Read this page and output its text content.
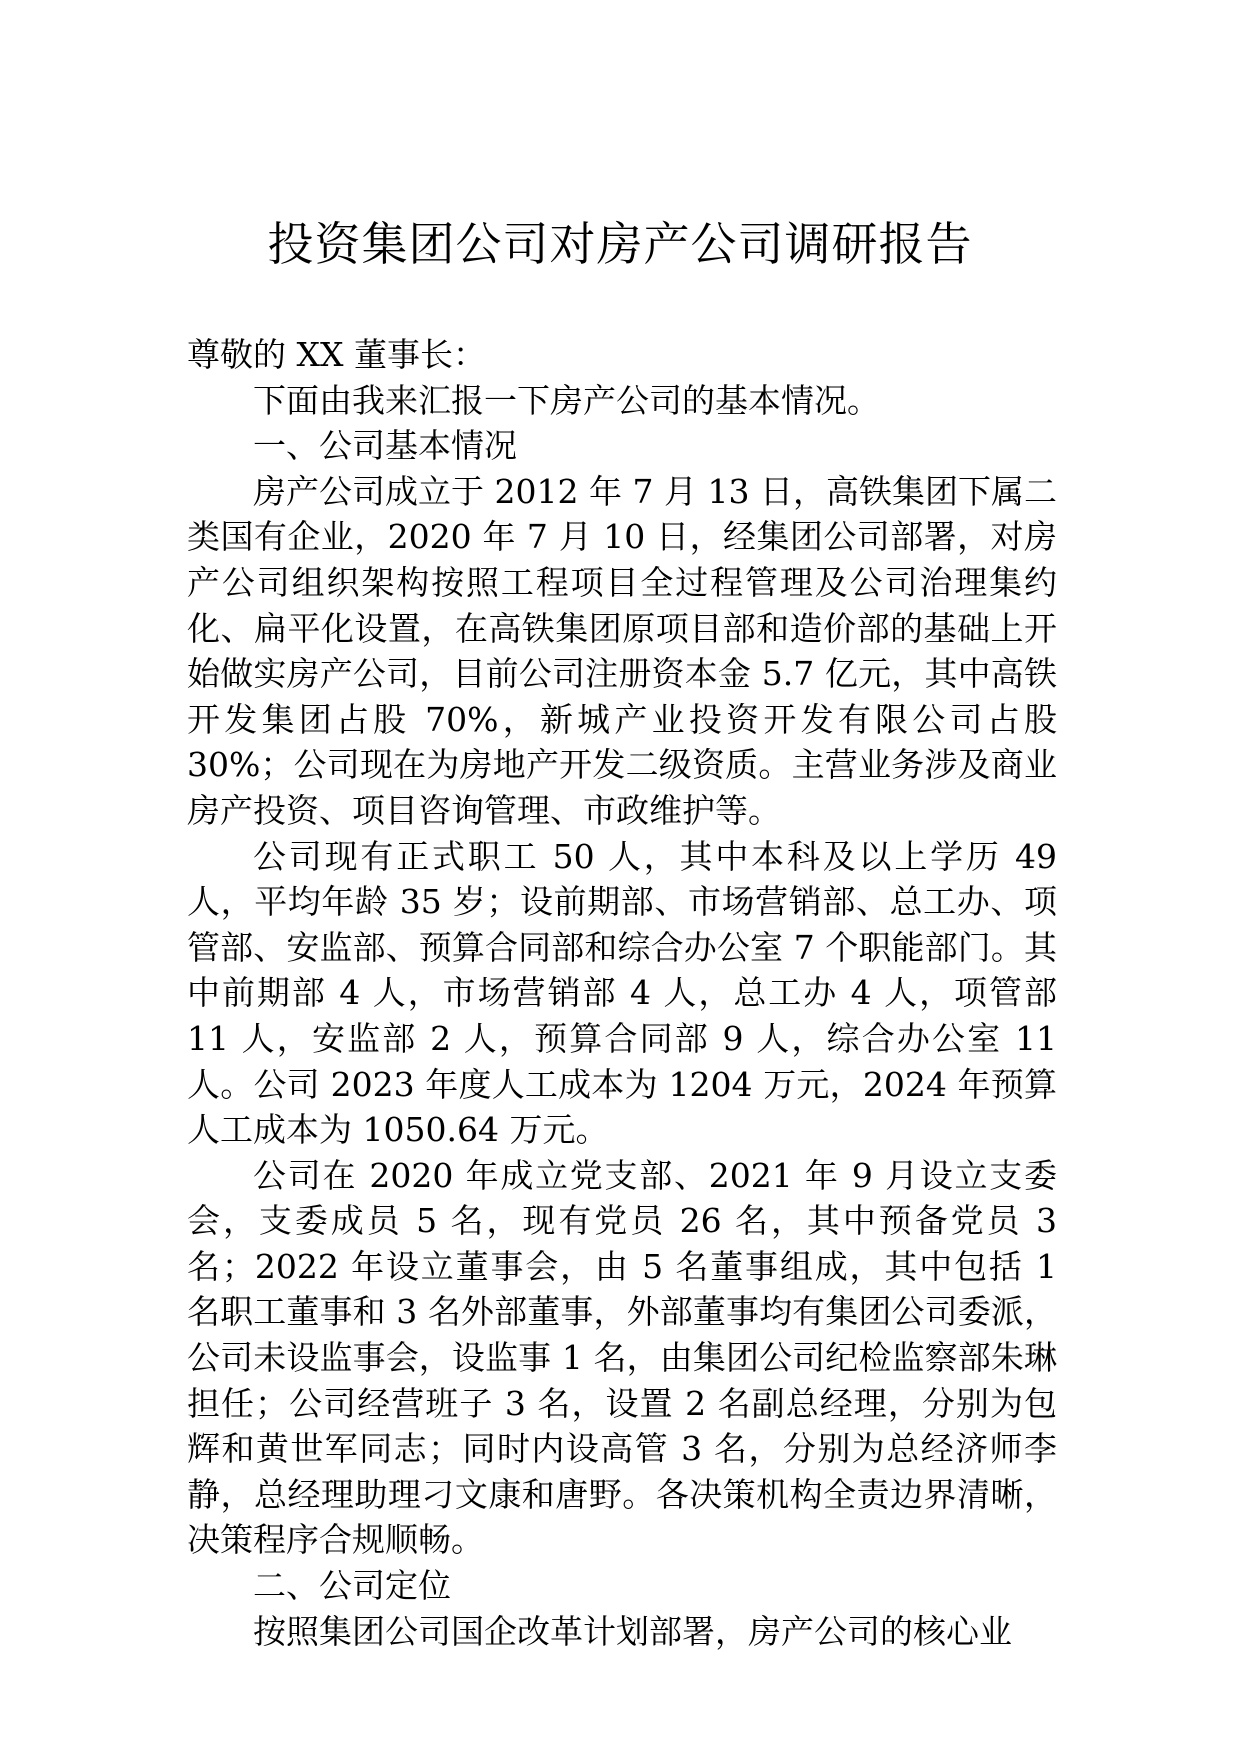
投资集团公司对房产公司调研报告

尊敬的 XX 董事长：

下面由我来汇报一下房产公司的基本情况。

一、公司基本情况

房产公司成立于 2012 年 7 月 13 日，高铁集团下属二类国有企业，2020 年 7 月 10 日，经集团公司部署，对房产公司组织架构按照工程项目全过程管理及公司治理集约化、扁平化设置，在高铁集团原项目部和造价部的基础上开始做实房产公司，目前公司注册资本金 5.7 亿元，其中高铁开发集团占股 70%，新城产业投资开发有限公司占股 30%；公司现在为房地产开发二级资质。主营业务涉及商业房产投资、项目咨询管理、市政维护等。

公司现有正式职工 50 人，其中本科及以上学历 49 人，平均年龄 35 岁；设前期部、市场营销部、总工办、项管部、安监部、预算合同部和综合办公室 7 个职能部门。其中前期部 4 人，市场营销部 4 人，总工办 4 人，项管部 11 人，安监部 2 人，预算合同部 9 人，综合办公室 11 人。公司 2023 年度人工成本为 1204 万元，2024 年预算人工成本为 1050.64 万元。

公司在 2020 年成立党支部、2021 年 9 月设立支委会，支委成员 5 名，现有党员 26 名，其中预备党员 3 名；2022 年设立董事会，由 5 名董事组成，其中包括 1 名职工董事和 3 名外部董事，外部董事均有集团公司委派，公司未设监事会，设监事 1 名，由集团公司纪检监察部朱琳担任；公司经营班子 3 名，设置 2 名副总经理，分别为包辉和黄世军同志；同时内设高管 3 名，分别为总经济师李静，总经理助理刁文康和唐野。各决策机构全责边界清晰，决策程序合规顺畅。

二、公司定位

按照集团公司国企改革计划部署，房产公司的核心业
